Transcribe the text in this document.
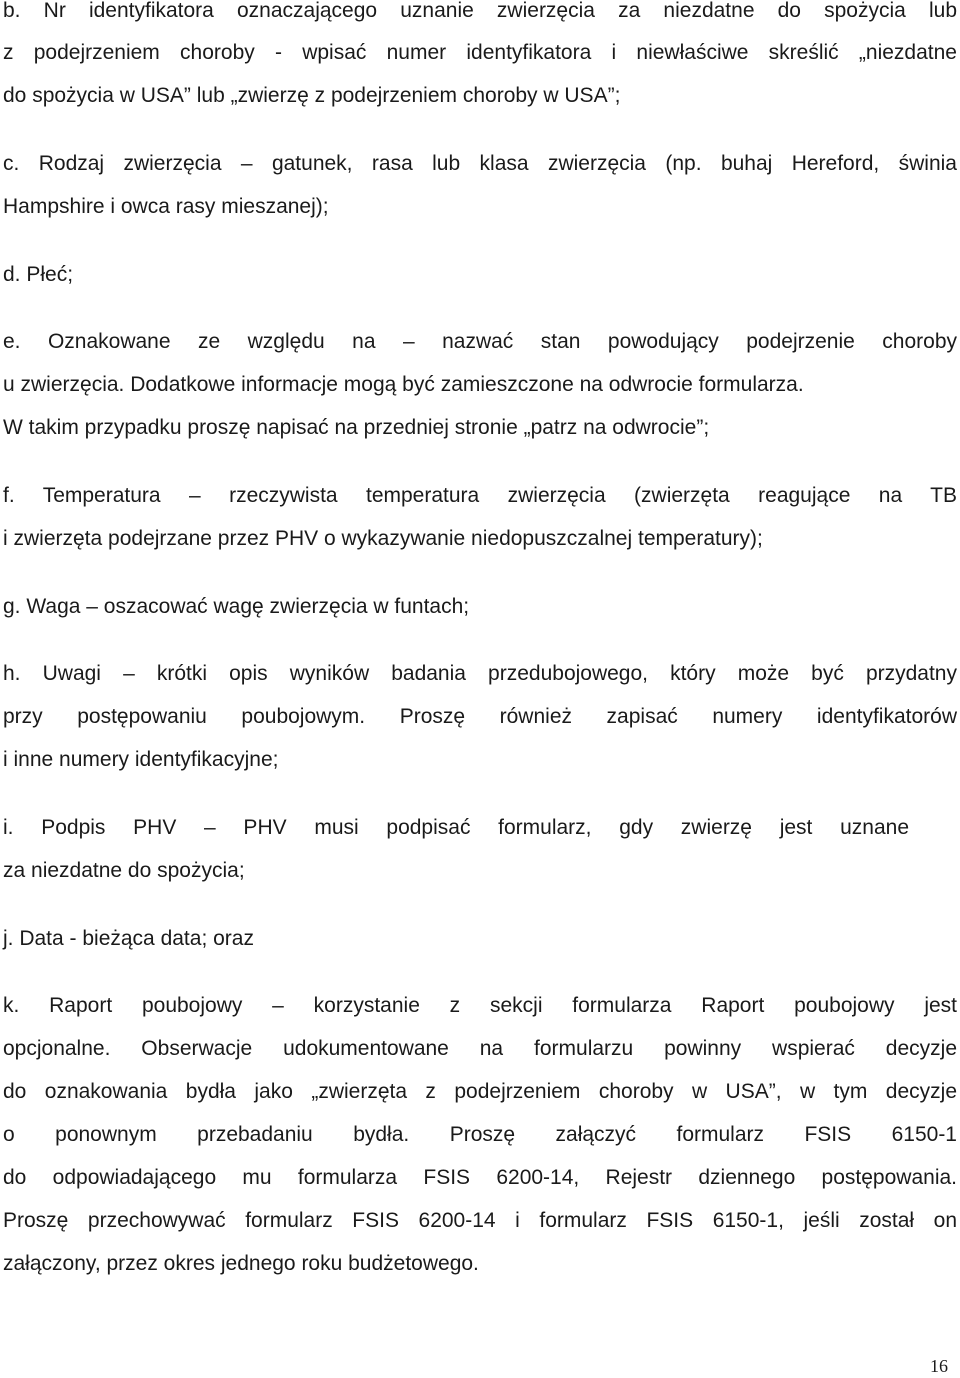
b. Nr identyfikatora oznaczającego uznanie zwierzęcia za niezdatne do spożycia lub

z podejrzeniem choroby - wpisać numer identyfikatora i niewłaściwe skreślić „niezdatne

do spożycia w USA” lub „zwierzę z podejrzeniem choroby w USA”;

c. Rodzaj zwierzęcia – gatunek, rasa lub klasa zwierzęcia (np. buhaj Hereford, świnia

Hampshire i owca rasy mieszanej);

d. Płeć;

e. Oznakowane ze względu na – nazwać stan powodujący podejrzenie choroby

u zwierzęcia. Dodatkowe informacje mogą być zamieszczone na odwrocie formularza.

W takim przypadku proszę napisać na przedniej stronie „patrz na odwrocie”;

f. Temperatura – rzeczywista temperatura zwierzęcia (zwierzęta reagujące na TB

i zwierzęta podejrzane przez PHV o wykazywanie niedopuszczalnej temperatury);

g. Waga – oszacować wagę zwierzęcia w funtach;

h. Uwagi – krótki opis wyników badania przedubojowego, który może być przydatny

przy postępowaniu poubojowym. Proszę również zapisać numery identyfikatorów

i inne numery identyfikacyjne;

i. Podpis PHV – PHV musi podpisać formularz, gdy zwierzę jest uznane

za niezdatne do spożycia;

j. Data - bieżąca data; oraz

k. Raport poubojowy – korzystanie z sekcji formularza Raport poubojowy jest

opcjonalne. Obserwacje udokumentowane na formularzu powinny wspierać decyzje

do oznakowania bydła jako „zwierzęta z podejrzeniem choroby w USA”, w tym decyzje

o ponownym przebadaniu bydła. Proszę załączyć formularz FSIS 6150-1

do odpowiadającego mu formularza FSIS 6200-14, Rejestr dziennego postępowania.

Proszę przechowywać formularz FSIS 6200-14 i formularz FSIS 6150-1, jeśli został on

załączony, przez okres jednego roku budżetowego.

16
